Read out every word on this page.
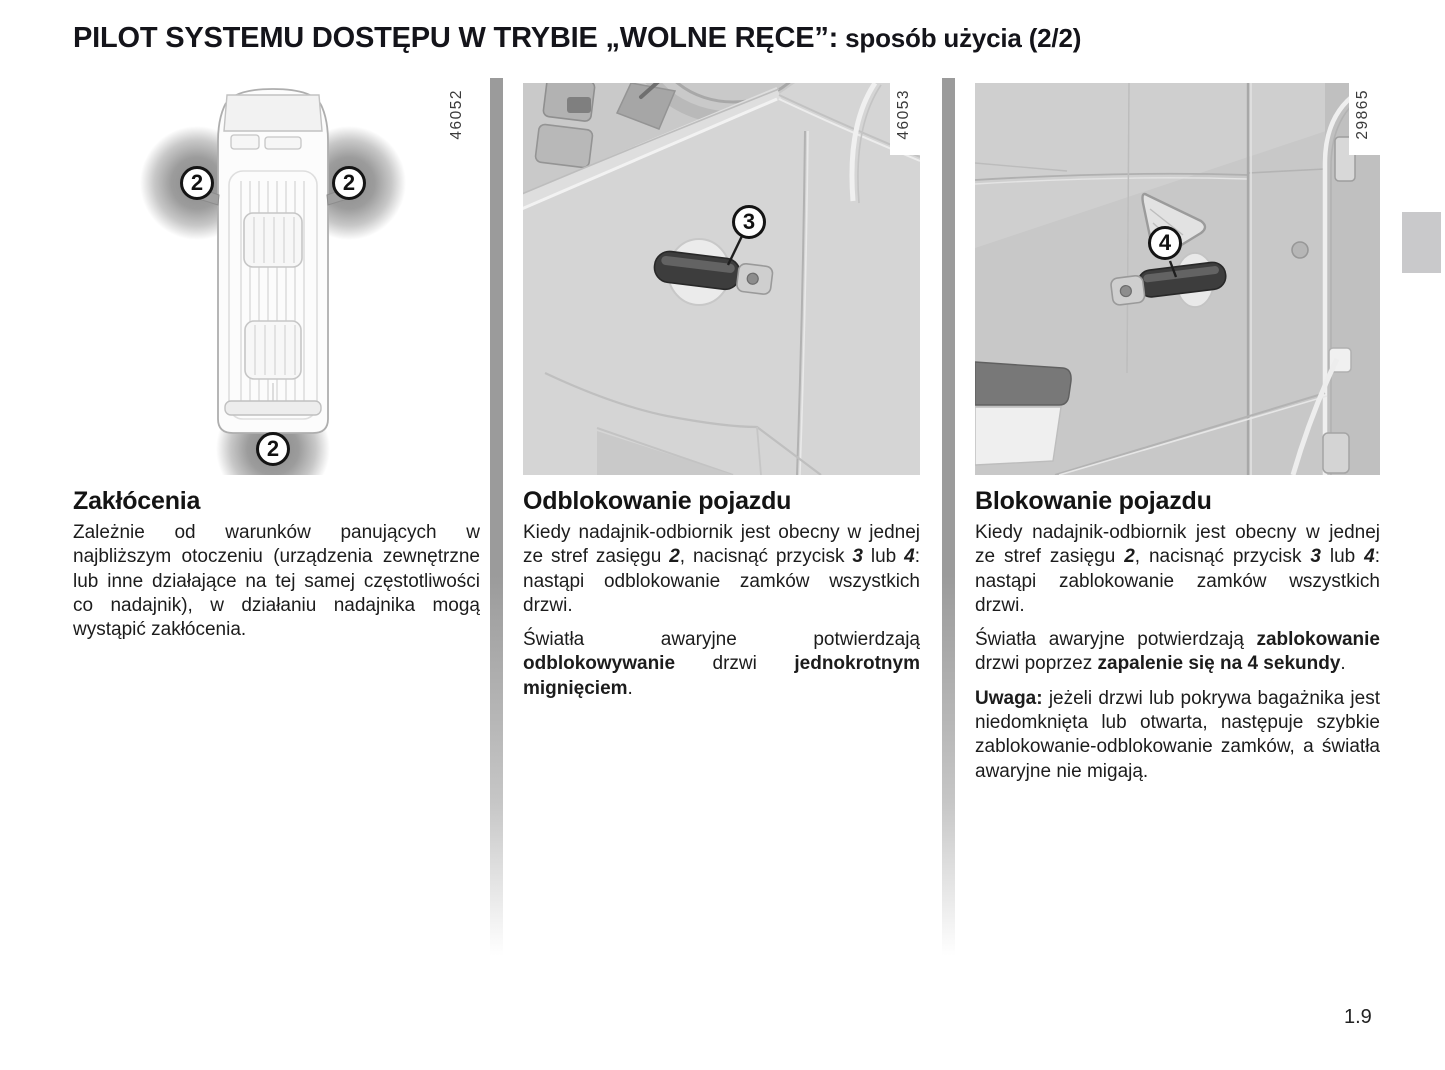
PILOT SYSTEMU DOSTĘPU W TRYBIE „WOLNE RĘCE”: sposób użycia (2/2)
2	2
2
46052
Zakłócenia

Zależnie od warunków panujących w najbliższym otoczeniu (urządzenia zewnętrzne lub inne działające na tej samej częstotliwości co nadajnik), w działaniu nadajnika mogą wystąpić zakłócenia.

3
46053
Odblokowanie pojazdu

Kiedy nadajnik-odbiornik jest obecny w jednej ze stref zasięgu 2, nacisnąć przycisk 3 lub 4: nastąpi odblokowanie zamków wszystkich drzwi.

Światła awaryjne potwierdzają odblokowywanie drzwi jednokrotnym mignięciem.

4
29865
Blokowanie pojazdu

Kiedy nadajnik-odbiornik jest obecny w jednej ze stref zasięgu 2, nacisnąć przycisk 3 lub 4: nastąpi zablokowanie zamków wszystkich drzwi.

Światła awaryjne potwierdzają zablokowanie drzwi poprzez zapalenie się na 4 sekundy.

Uwaga: jeżeli drzwi lub pokrywa bagażnika jest niedomknięta lub otwarta, następuje szybkie zablokowanie-odblokowanie zamków, a światła awaryjne nie migają.

1.9
